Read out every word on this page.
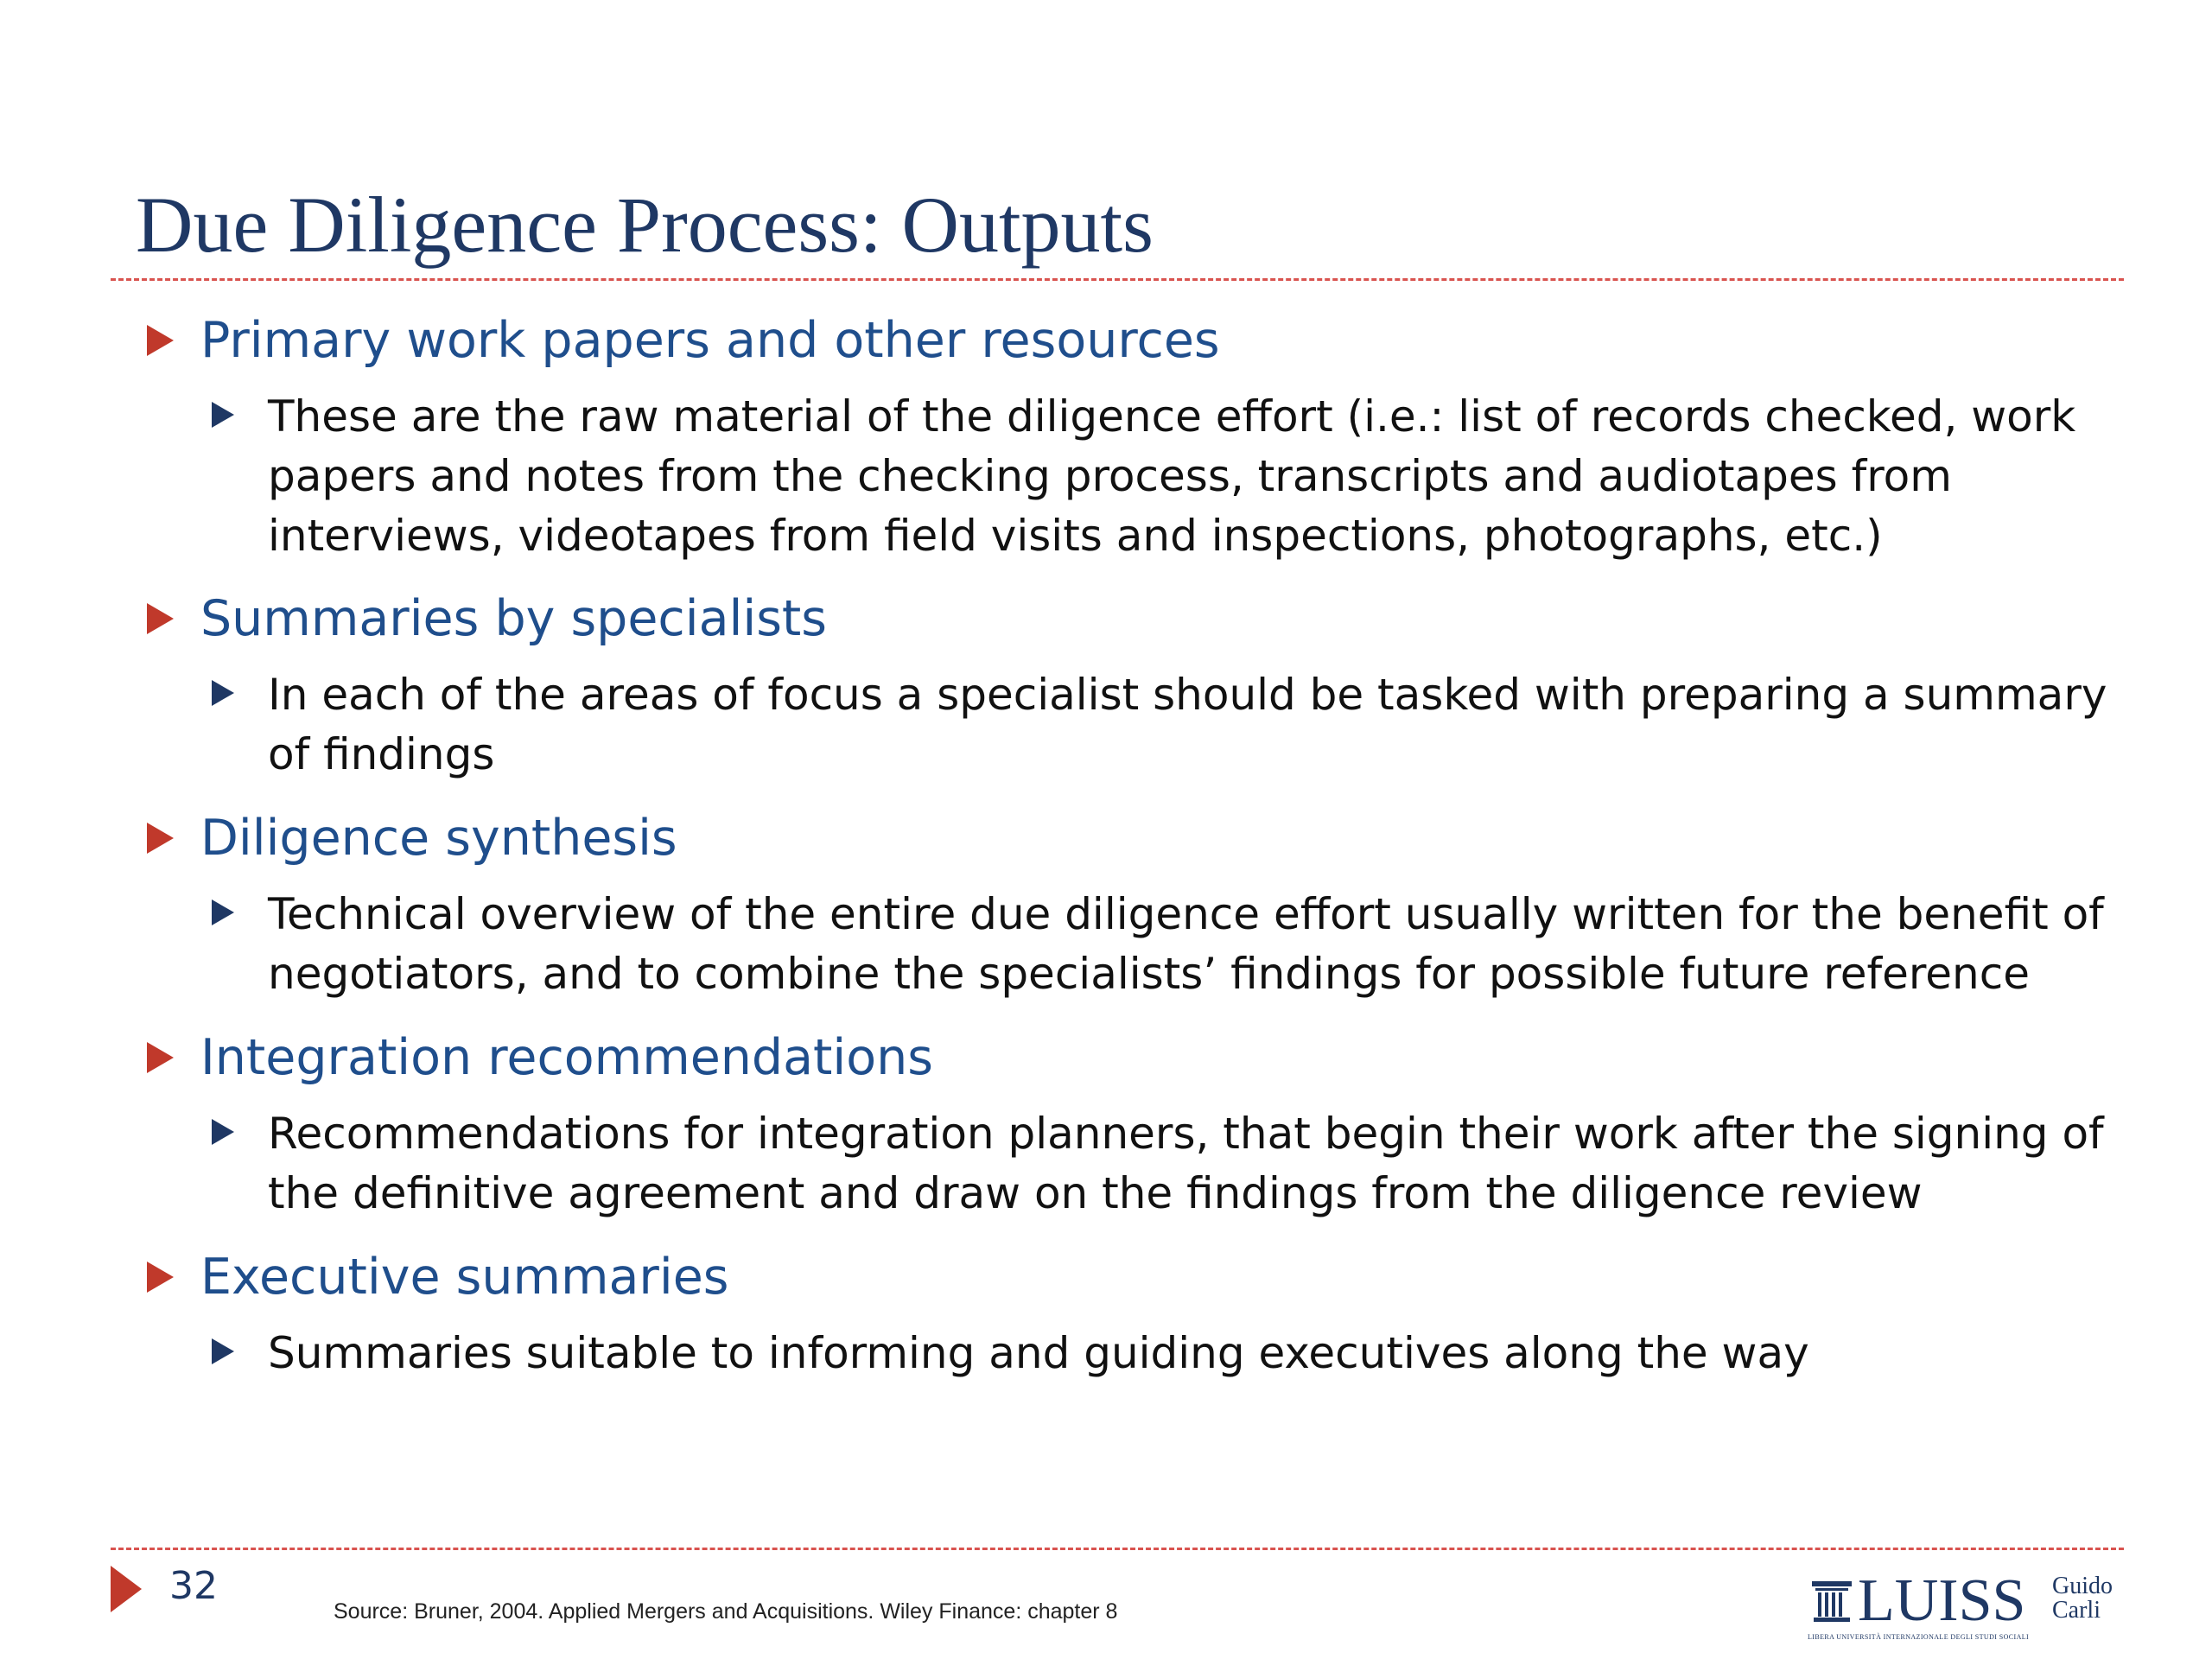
Due Diligence Process: Outputs
Primary work papers and other resources
These are the raw material of the diligence effort (i.e.: list of records checked, work papers and notes from the checking process, transcripts and audiotapes from interviews, videotapes from field visits and inspections, photographs, etc.)
Summaries by specialists
In each of the areas of focus a specialist should be tasked with preparing a summary of findings
Diligence synthesis
Technical overview of the entire due diligence effort usually written for the benefit of negotiators, and to combine the specialists’ findings for possible future reference
Integration recommendations
Recommendations for integration planners, that begin their work after the signing of the definitive agreement and draw on the findings from the diligence review
Executive summaries
Summaries suitable to informing and guiding executives along the way
32
Source: Bruner, 2004. Applied Mergers and Acquisitions. Wiley Finance: chapter 8	LUISS Guido
Carli
LIBERA UNIVERSITÀ INTERNAZIONALE DEGLI STUDI SOCIALI
